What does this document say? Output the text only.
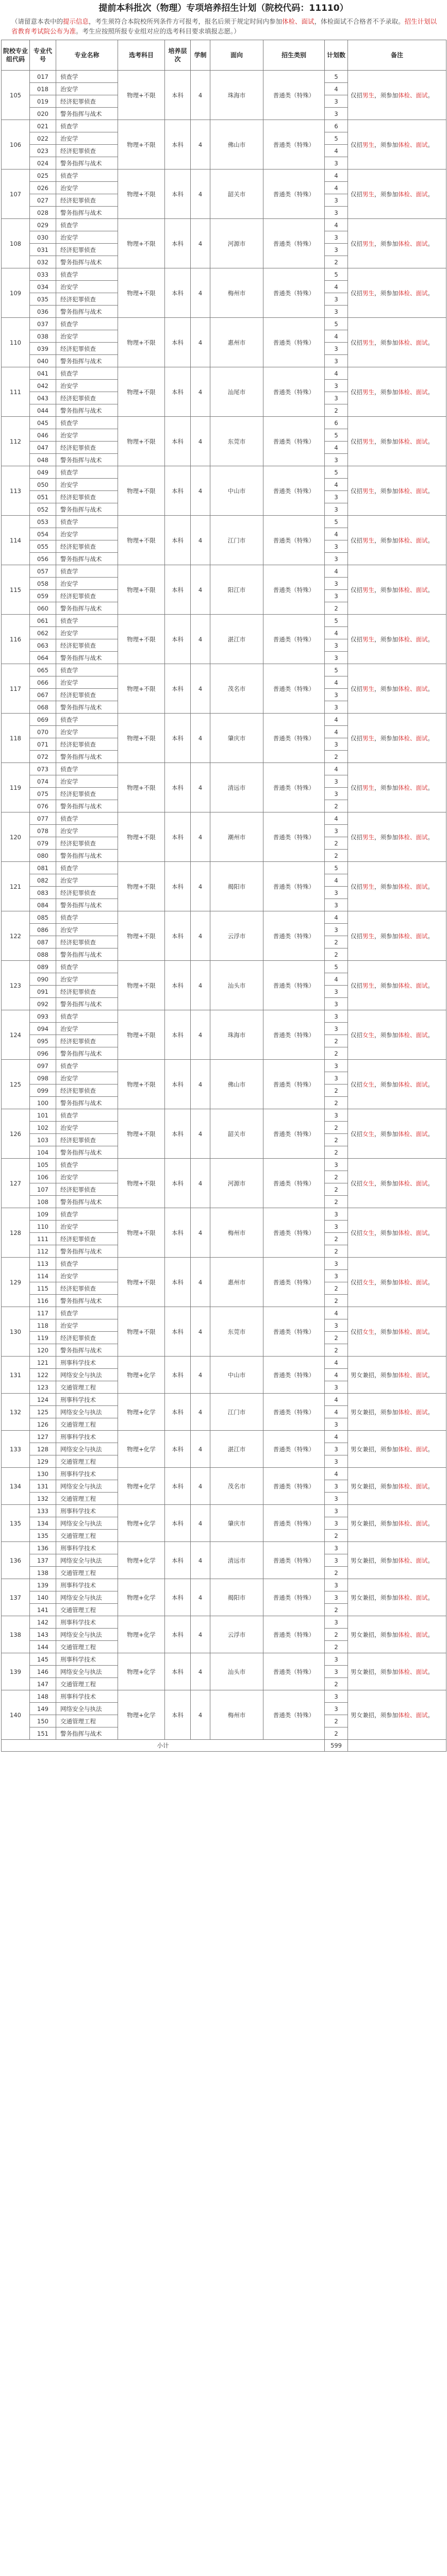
提前本科批次（物理）专项培养招生计划（院校代码：11110）
（请留意本表中的提示信息，考生须符合本院校所列条件方可报考，报名后须于规定时间内参加体检、面试，体检面试不合格者不予录取。招生计划以省教育考试院公布为准。考生应按照所报专业组对应的选考科目要求填报志愿。）
院校专业组代码	专业代号	专业名称	选考科目	培养层次	学制	面向	招生类别	计划数	备注
105	017	侦查学	物理+不限	本科	4	珠海市	普通类（特殊）	5	仅招男生，须参加体检、面试。
	018	治安学						4	
	019	经济犯罪侦查						3	
	020	警务指挥与战术						3	
106	021	侦查学	物理+不限	本科	4	佛山市	普通类（特殊）	6	仅招男生，须参加体检、面试。
	022	治安学						5	
	023	经济犯罪侦查						4	
	024	警务指挥与战术						3	
107	025	侦查学	物理+不限	本科	4	韶关市	普通类（特殊）	4	仅招男生，须参加体检、面试。
	026	治安学						4	
	027	经济犯罪侦查						3	
	028	警务指挥与战术						3	
108	029	侦查学	物理+不限	本科	4	河源市	普通类（特殊）	4	仅招男生，须参加体检、面试。
	030	治安学						3	
	031	经济犯罪侦查						3	
	032	警务指挥与战术						2	
109	033	侦查学	物理+不限	本科	4	梅州市	普通类（特殊）	5	仅招男生，须参加体检、面试。
	034	治安学						4	
	035	经济犯罪侦查						3	
	036	警务指挥与战术						3	
110	037	侦查学	物理+不限	本科	4	惠州市	普通类（特殊）	5	仅招男生，须参加体检、面试。
	038	治安学						4	
	039	经济犯罪侦查						3	
	040	警务指挥与战术						3	
111	041	侦查学	物理+不限	本科	4	汕尾市	普通类（特殊）	4	仅招男生，须参加体检、面试。
	042	治安学						3	
	043	经济犯罪侦查						3	
	044	警务指挥与战术						2	
112	045	侦查学	物理+不限	本科	4	东莞市	普通类（特殊）	6	仅招男生，须参加体检、面试。
	046	治安学						5	
	047	经济犯罪侦查						4	
	048	警务指挥与战术						3	
113	049	侦查学	物理+不限	本科	4	中山市	普通类（特殊）	5	仅招男生，须参加体检、面试。
	050	治安学						4	
	051	经济犯罪侦查						3	
	052	警务指挥与战术						3	
114	053	侦查学	物理+不限	本科	4	江门市	普通类（特殊）	5	仅招男生，须参加体检、面试。
	054	治安学						4	
	055	经济犯罪侦查						3	
	056	警务指挥与战术						3	
115	057	侦查学	物理+不限	本科	4	阳江市	普通类（特殊）	4	仅招男生，须参加体检、面试。
	058	治安学						3	
	059	经济犯罪侦查						3	
	060	警务指挥与战术						2	
116	061	侦查学	物理+不限	本科	4	湛江市	普通类（特殊）	5	仅招男生，须参加体检、面试。
	062	治安学						4	
	063	经济犯罪侦查						3	
	064	警务指挥与战术						3	
117	065	侦查学	物理+不限	本科	4	茂名市	普通类（特殊）	5	仅招男生，须参加体检、面试。
	066	治安学						4	
	067	经济犯罪侦查						3	
	068	警务指挥与战术						3	
118	069	侦查学	物理+不限	本科	4	肇庆市	普通类（特殊）	4	仅招男生，须参加体检、面试。
	070	治安学						4	
	071	经济犯罪侦查						3	
	072	警务指挥与战术						2	
119	073	侦查学	物理+不限	本科	4	清远市	普通类（特殊）	4	仅招男生，须参加体检、面试。
	074	治安学						3	
	075	经济犯罪侦查						3	
	076	警务指挥与战术						2	
120	077	侦查学	物理+不限	本科	4	潮州市	普通类（特殊）	4	仅招男生，须参加体检、面试。
	078	治安学						3	
	079	经济犯罪侦查						2	
	080	警务指挥与战术						2	
121	081	侦查学	物理+不限	本科	4	揭阳市	普通类（特殊）	5	仅招男生，须参加体检、面试。
	082	治安学						4	
	083	经济犯罪侦查						3	
	084	警务指挥与战术						3	
122	085	侦查学	物理+不限	本科	4	云浮市	普通类（特殊）	4	仅招男生，须参加体检、面试。
	086	治安学						3	
	087	经济犯罪侦查						2	
	088	警务指挥与战术						2	
123	089	侦查学	物理+不限	本科	4	汕头市	普通类（特殊）	5	仅招男生，须参加体检、面试。
	090	治安学						4	
	091	经济犯罪侦查						3	
	092	警务指挥与战术						3	
124	093	侦查学	物理+不限	本科	4	珠海市	普通类（特殊）	3	仅招女生，须参加体检、面试。
	094	治安学						3	
	095	经济犯罪侦查						2	
	096	警务指挥与战术						2	
125	097	侦查学	物理+不限	本科	4	佛山市	普通类（特殊）	3	仅招女生，须参加体检、面试。
	098	治安学						3	
	099	经济犯罪侦查						2	
	100	警务指挥与战术						2	
126	101	侦查学	物理+不限	本科	4	韶关市	普通类（特殊）	3	仅招女生，须参加体检、面试。
	102	治安学						2	
	103	经济犯罪侦查						2	
	104	警务指挥与战术						2	
127	105	侦查学	物理+不限	本科	4	河源市	普通类（特殊）	3	仅招女生，须参加体检、面试。
	106	治安学						2	
	107	经济犯罪侦查						2	
	108	警务指挥与战术						2	
128	109	侦查学	物理+不限	本科	4	梅州市	普通类（特殊）	3	仅招女生，须参加体检、面试。
	110	治安学						3	
	111	经济犯罪侦查						2	
	112	警务指挥与战术						2	
129	113	侦查学	物理+不限	本科	4	惠州市	普通类（特殊）	3	仅招女生，须参加体检、面试。
	114	治安学						3	
	115	经济犯罪侦查						2	
	116	警务指挥与战术						2	
130	117	侦查学	物理+不限	本科	4	东莞市	普通类（特殊）	4	仅招女生，须参加体检、面试。
	118	治安学						3	
	119	经济犯罪侦查						2	
	120	警务指挥与战术						2	
131	121	刑事科学技术	物理+化学	本科	4	中山市	普通类（特殊）	4	男女兼招，须参加体检、面试。
	122	网络安全与执法						4	
	123	交通管理工程						3	
132	124	刑事科学技术	物理+化学	本科	4	江门市	普通类（特殊）	4	男女兼招，须参加体检、面试。
	125	网络安全与执法						4	
	126	交通管理工程						3	
133	127	刑事科学技术	物理+化学	本科	4	湛江市	普通类（特殊）	4	男女兼招，须参加体检、面试。
	128	网络安全与执法						3	
	129	交通管理工程						3	
134	130	刑事科学技术	物理+化学	本科	4	茂名市	普通类（特殊）	4	男女兼招，须参加体检、面试。
	131	网络安全与执法						3	
	132	交通管理工程						3	
135	133	刑事科学技术	物理+化学	本科	4	肇庆市	普通类（特殊）	3	男女兼招，须参加体检、面试。
	134	网络安全与执法						3	
	135	交通管理工程						2	
136	136	刑事科学技术	物理+化学	本科	4	清远市	普通类（特殊）	3	男女兼招，须参加体检、面试。
	137	网络安全与执法						3	
	138	交通管理工程						2	
137	139	刑事科学技术	物理+化学	本科	4	揭阳市	普通类（特殊）	3	男女兼招，须参加体检、面试。
	140	网络安全与执法						3	
	141	交通管理工程						2	
138	142	刑事科学技术	物理+化学	本科	4	云浮市	普通类（特殊）	3	男女兼招，须参加体检、面试。
	143	网络安全与执法						2	
	144	交通管理工程						2	
139	145	刑事科学技术	物理+化学	本科	4	汕头市	普通类（特殊）	3	男女兼招，须参加体检、面试。
	146	网络安全与执法						3	
	147	交通管理工程						2	
140	148	刑事科学技术	物理+化学	本科	4	梅州市	普通类（特殊）	3	男女兼招，须参加体检、面试。
	149	网络安全与执法						3	
	150	交通管理工程						2	
	151	警务指挥与战术						2	
小计								599	
